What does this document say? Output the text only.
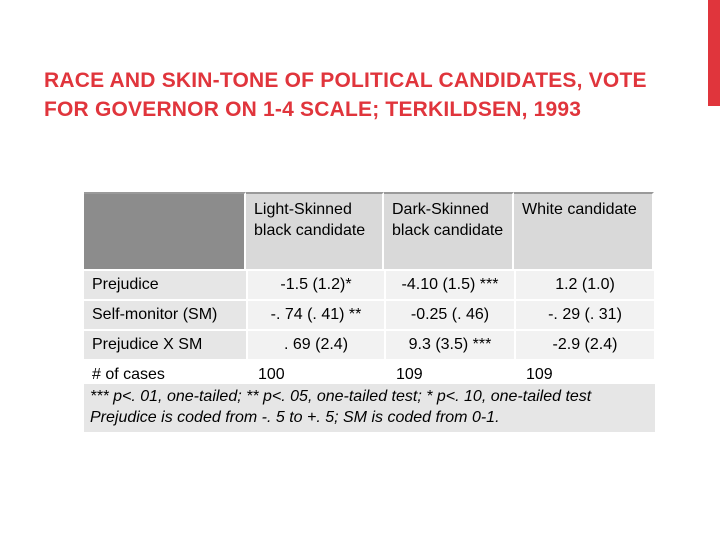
RACE AND SKIN-TONE OF POLITICAL CANDIDATES, VOTE FOR GOVERNOR ON 1-4 SCALE; TERKILDSEN, 1993
	Light-Skinned black candidate	Dark-Skinned black candidate	White candidate
Prejudice	-1.5 (1.2)*	-4.10 (1.5) ***	1.2 (1.0)
Self-monitor (SM)	-. 74 (. 41) **	-0.25 (. 46)	-. 29 (. 31)
Prejudice X SM	. 69 (2.4)	9.3 (3.5) ***	-2.9 (2.4)
# of cases	100	109	109
*** p<. 01, one-tailed; ** p<. 05, one-tailed test; * p<. 10, one-tailed test
Prejudice is coded from -. 5 to +. 5; SM is coded from 0-1.
